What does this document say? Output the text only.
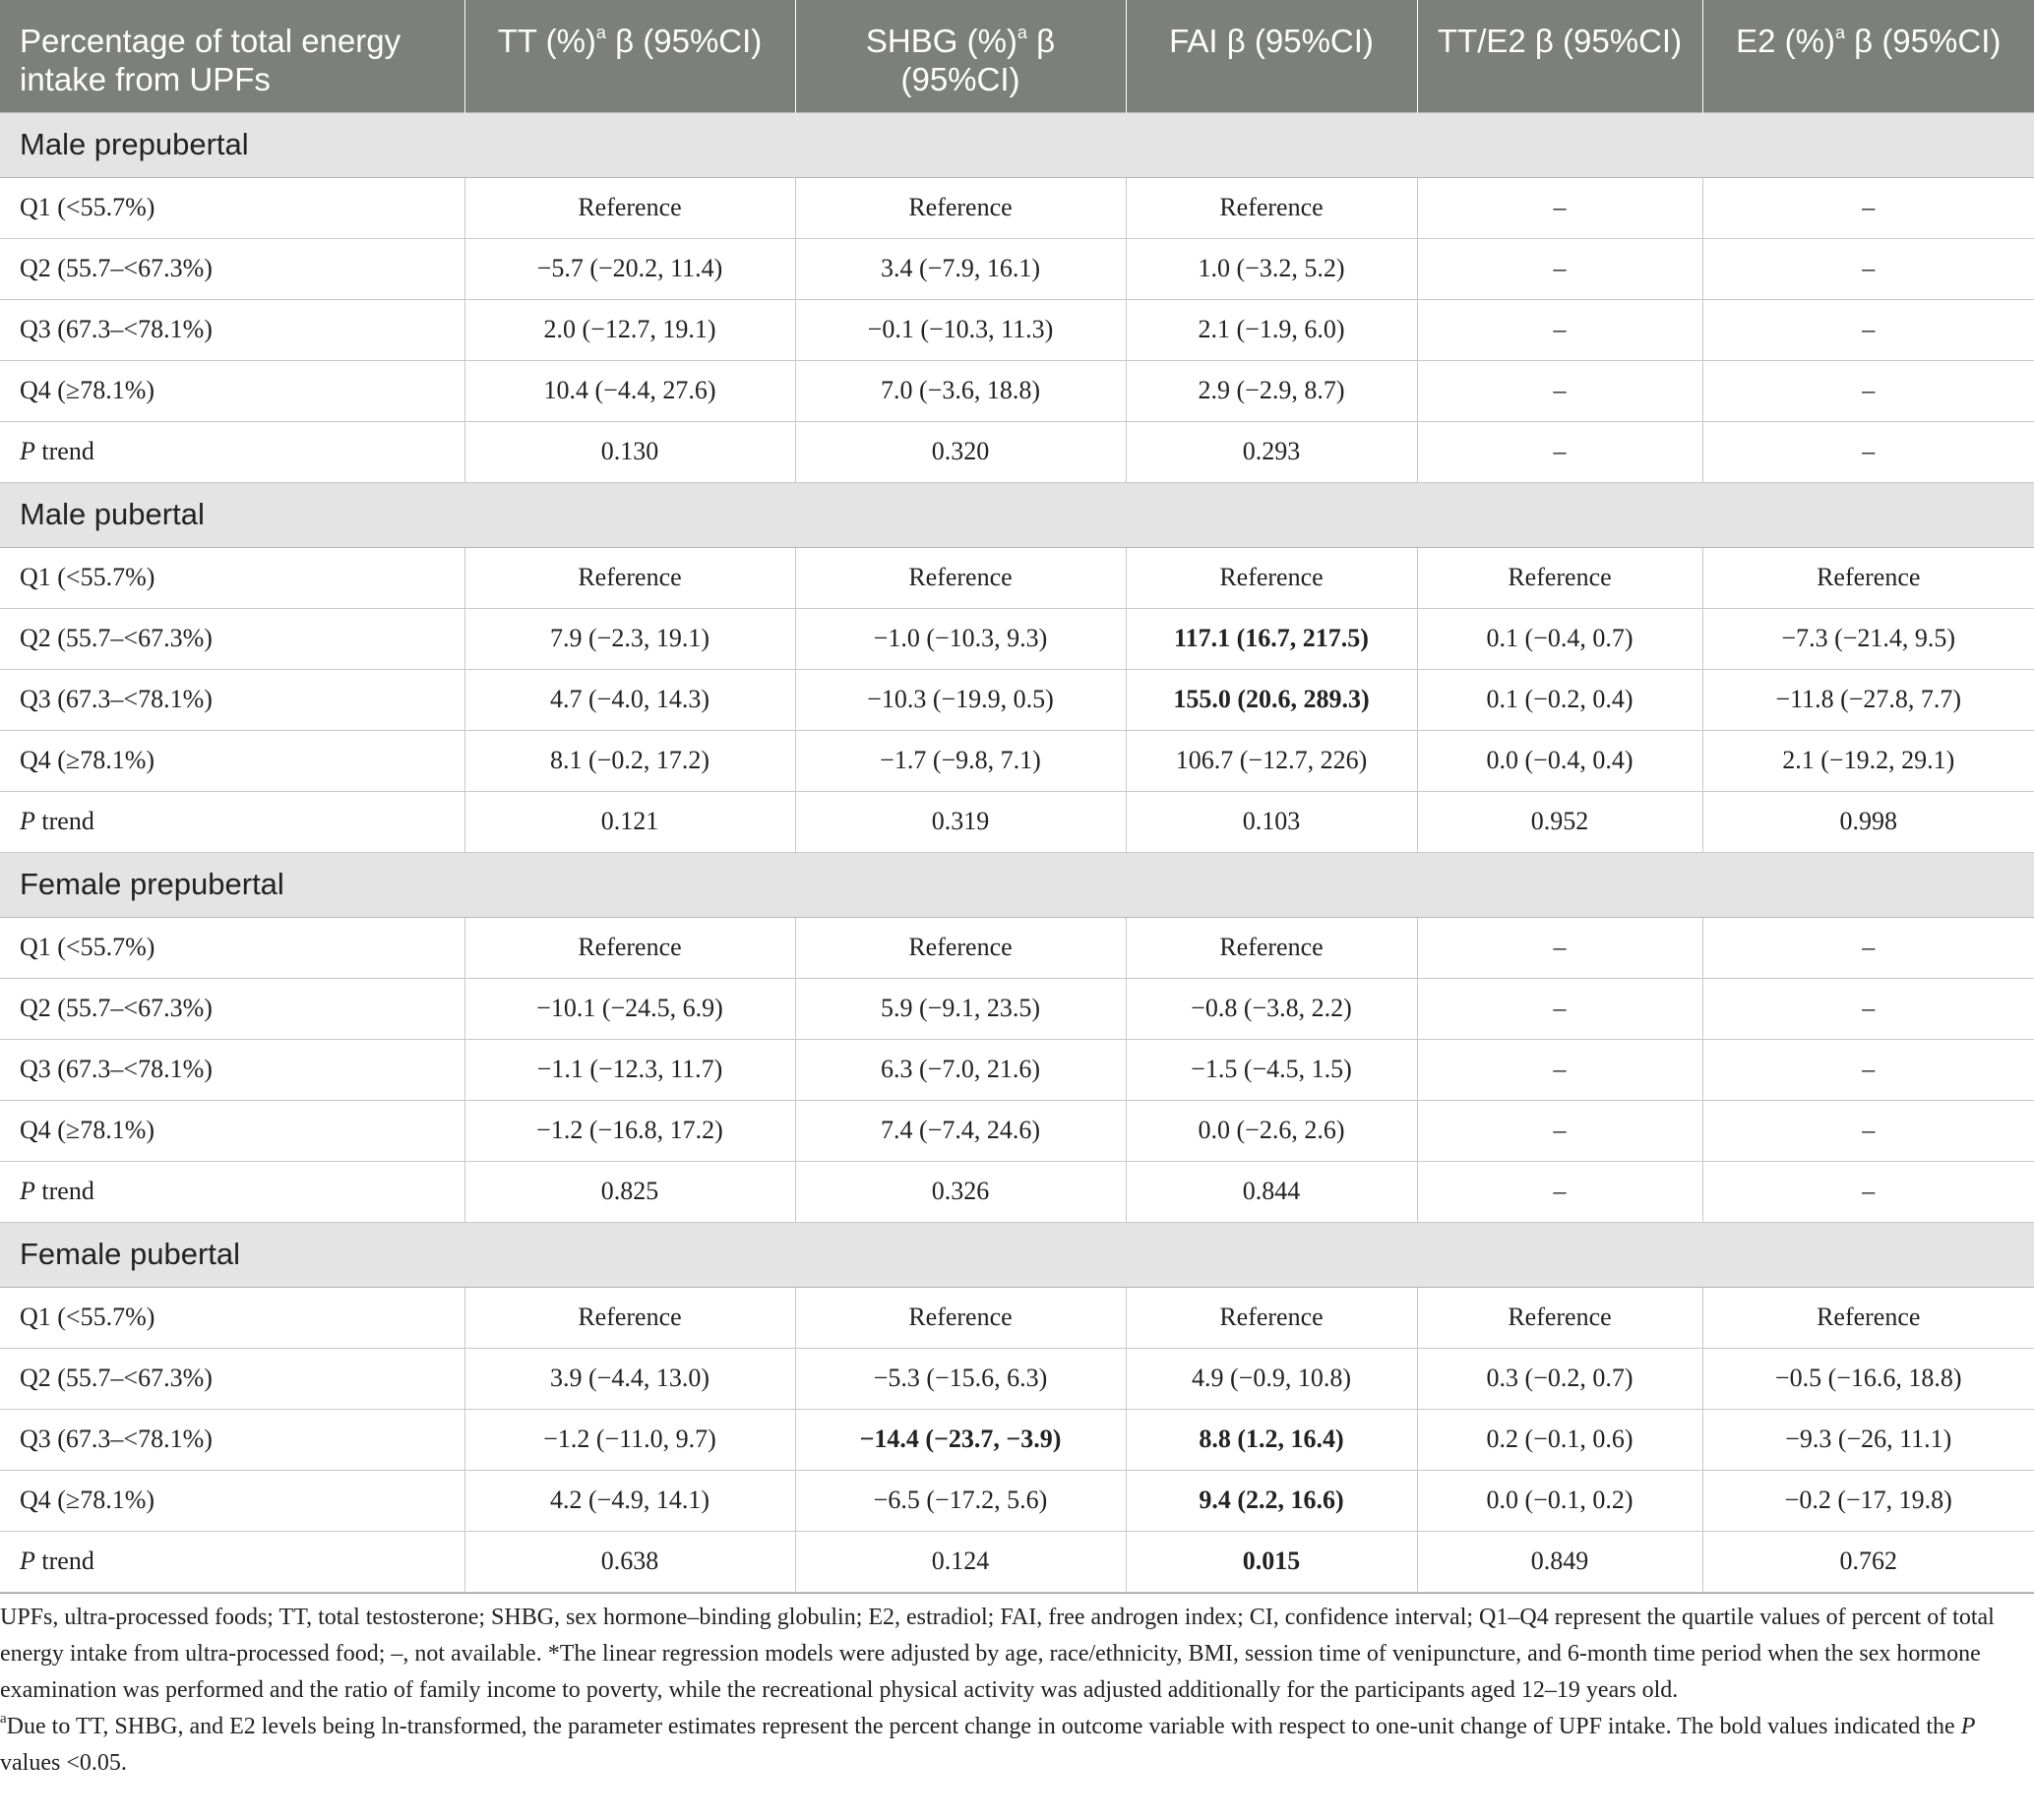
Percentage of total energy intake from UPFs	TT (%)$^a$ β (95%CI)	SHBG (%)$^a$ β (95%CI)	FAI β (95%CI)	TT/E2 β (95%CI)	E2 (%)$^a$ β (95%CI)
Male prepubertal					
Q1 (<55.7%)	Reference	Reference	Reference	–	–
Q2 (55.7–<67.3%)	−5.7 (−20.2, 11.4)	3.4 (−7.9, 16.1)	1.0 (−3.2, 5.2)	–	–
Q3 (67.3–<78.1%)	2.0 (−12.7, 19.1)	−0.1 (−10.3, 11.3)	2.1 (−1.9, 6.0)	–	–
Q4 (≥78.1%)	10.4 (−4.4, 27.6)	7.0 (−3.6, 18.8)	2.9 (−2.9, 8.7)	–	–
P trend	0.130	0.320	0.293	–	–
Male pubertal					
Q1 (<55.7%)	Reference	Reference	Reference	Reference	Reference
Q2 (55.7–<67.3%)	7.9 (−2.3, 19.1)	−1.0 (−10.3, 9.3)	117.1 (16.7, 217.5)	0.1 (−0.4, 0.7)	−7.3 (−21.4, 9.5)
Q3 (67.3–<78.1%)	4.7 (−4.0, 14.3)	−10.3 (−19.9, 0.5)	155.0 (20.6, 289.3)	0.1 (−0.2, 0.4)	−11.8 (−27.8, 7.7)
Q4 (≥78.1%)	8.1 (−0.2, 17.2)	−1.7 (−9.8, 7.1)	106.7 (−12.7, 226)	0.0 (−0.4, 0.4)	2.1 (−19.2, 29.1)
P trend	0.121	0.319	0.103	0.952	0.998
Female prepubertal					
Q1 (<55.7%)	Reference	Reference	Reference	–	–
Q2 (55.7–<67.3%)	−10.1 (−24.5, 6.9)	5.9 (−9.1, 23.5)	−0.8 (−3.8, 2.2)	–	–
Q3 (67.3–<78.1%)	−1.1 (−12.3, 11.7)	6.3 (−7.0, 21.6)	−1.5 (−4.5, 1.5)	–	–
Q4 (≥78.1%)	−1.2 (−16.8, 17.2)	7.4 (−7.4, 24.6)	0.0 (−2.6, 2.6)	–	–
P trend	0.825	0.326	0.844	–	–
Female pubertal					
Q1 (<55.7%)	Reference	Reference	Reference	Reference	Reference
Q2 (55.7–<67.3%)	3.9 (−4.4, 13.0)	−5.3 (−15.6, 6.3)	4.9 (−0.9, 10.8)	0.3 (−0.2, 0.7)	−0.5 (−16.6, 18.8)
Q3 (67.3–<78.1%)	−1.2 (−11.0, 9.7)	−14.4 (−23.7, −3.9)	8.8 (1.2, 16.4)	0.2 (−0.1, 0.6)	−9.3 (−26, 11.1)
Q4 (≥78.1%)	4.2 (−4.9, 14.1)	−6.5 (−17.2, 5.6)	9.4 (2.2, 16.6)	0.0 (−0.1, 0.2)	−0.2 (−17, 19.8)
P trend	0.638	0.124	0.015	0.849	0.762

UPFs, ultra-processed foods; TT, total testosterone; SHBG, sex hormone–binding globulin; E2, estradiol; FAI, free androgen index; CI, confidence interval; Q1–Q4 represent the quartile values of percent of total energy intake from ultra-processed food; –, not available. *The linear regression models were adjusted by age, race/ethnicity, BMI, session time of venipuncture, and 6-month time period when the sex hormone examination was performed and the ratio of family income to poverty, while the recreational physical activity was adjusted additionally for the participants aged 12–19 years old.

$^a$Due to TT, SHBG, and E2 levels being ln-transformed, the parameter estimates represent the percent change in outcome variable with respect to one-unit change of UPF intake. The bold values indicated the P values <0.05.
